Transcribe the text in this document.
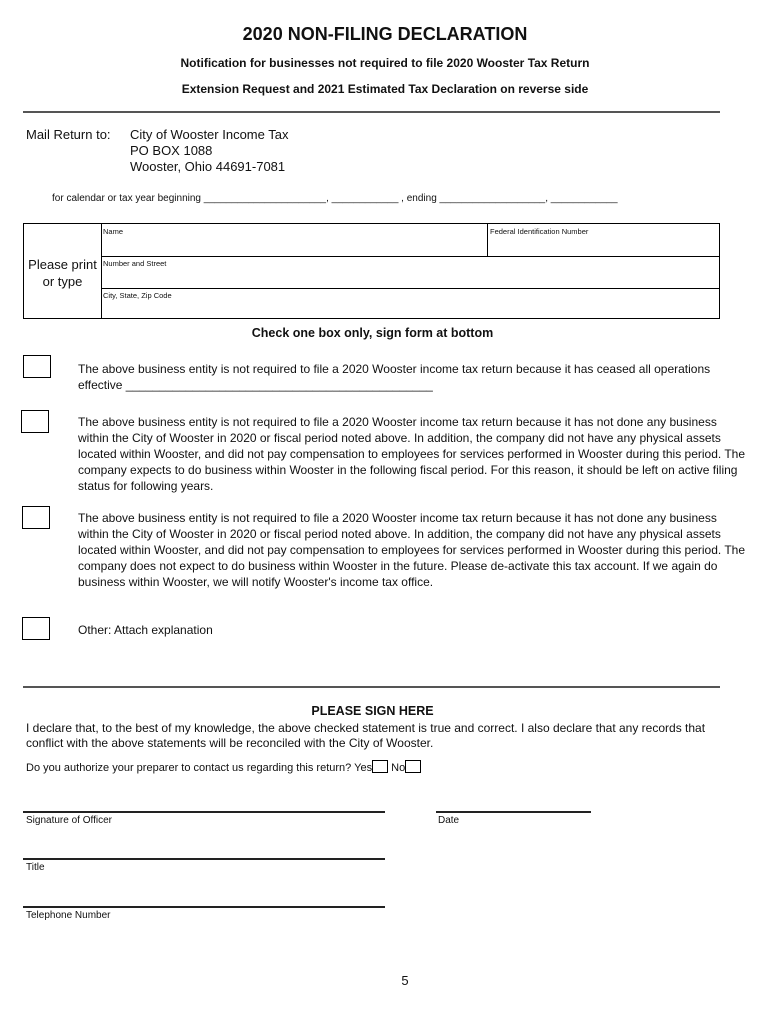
2020 NON-FILING DECLARATION
Notification for businesses not required to file 2020 Wooster Tax Return
Extension Request and 2021 Estimated Tax Declaration on reverse side
Mail Return to: City of Wooster Income Tax
PO BOX 1088
Wooster, Ohio 44691-7081
for calendar or tax year beginning ______________________, ____________ , ending ___________________, ____________
Please print
or type
Name	Federal Identification Number
Number and Street
City, State, Zip Code
Check one box only, sign form at bottom
The above business entity is not required to file a 2020 Wooster income tax return because it has ceased all operations
effective ______________________________________________
The above business entity is not required to file a 2020 Wooster income tax return because it has not done any business within the City of Wooster in 2020 or fiscal period noted above. In addition, the company did not have any physical assets located within Wooster, and did not pay compensation to employees for services performed in Wooster during this period. The company expects to do business within Wooster in the following fiscal period. For this reason, it should be left on active filing status for following years.
The above business entity is not required to file a 2020 Wooster income tax return because it has not done any business within the City of Wooster in 2020 or fiscal period noted above. In addition, the company did not have any physical assets located within Wooster, and did not pay compensation to employees for services performed in Wooster during this period. The company does not expect to do business within Wooster in the future. Please de-activate this tax account. If we again do business within Wooster, we will notify Wooster's income tax office.
Other: Attach explanation
PLEASE SIGN HERE
I declare that, to the best of my knowledge, the above checked statement is true and correct. I also declare that any records that conflict with the above statements will be reconciled with the City of Wooster.
Do you authorize your preparer to contact us regarding this return? Yes No
Signature of Officer	Date
Title
Telephone Number
5
